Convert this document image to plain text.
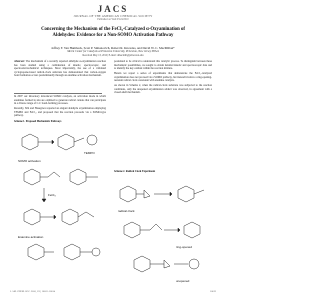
JACS
JOURNAL OF THE AMERICAN CHEMICAL SOCIETY
Published on Web 03/24/2010
Concerning the Mechanism of the FeCl₃-Catalyzed α-Oxyamination of
Aldehydes: Evidence for a Non-SOMO Activation Pathway
Jeffrey F. Van Humbeck, Scott P. Simonovich, Robert R. Knowles, and David W. C. MacMillan*
Merck Center for Catalysis at Princeton University, Princeton, New Jersey 08544
Received May 13, 2010; E-mail: dmacmill@princeton.edu

Abstract: The mechanism of a recently reported aldehyde α-oxyamination reaction has been studied using a combination of kinetic, spectroscopic, and spectroelectrochemical techniques. Most importantly, the use of a validated cyclopropane-based radical-clock substrate has demonstrated that carbon-oxygen bond formation occurs predominantly through an enamine activation mechanism.

In 2007 our laboratory introduced SOMO catalysis, an activation mode in which enamines formed in situ are oxidized to generate radical cations that can participate in a diverse range of C-C bond-forming processes.

Recently, Sibi and Hasegawa reported an elegant aldehyde oxyamination employing TEMPO and FeCl₃, and proposed that the reaction proceeds via a SOMO-type pathway.

Scheme 1. Proposed Mechanistic Pathways
SOMO activation
Enamine activation
TEMPO
FeCl₃

postulated to be critical to understand this catalytic process. To distinguish between these mechanistic possibilities, we sought to obtain detailed kinetic and spectroscopic data and to identify the key oxidant within the reaction mixture.

Herein we report a series of experiments that demonstrate the FeCl₃-catalyzed oxyamination does not proceed via a SOMO pathway, but instead involves a ring-opening-resistant radical clock consistent with enamine catalysis.

As shown in Scheme 2, when the radical-clock substrate was subjected to the reaction conditions, only the unopened oxyamination adduct was observed, in agreement with a closed-shell mechanism.

Scheme 2. Radical Clock Experiment
radical clock
ring-opened
unopened
J. AM. CHEM. SOC. 2010, 132, 10012–10014	10012
